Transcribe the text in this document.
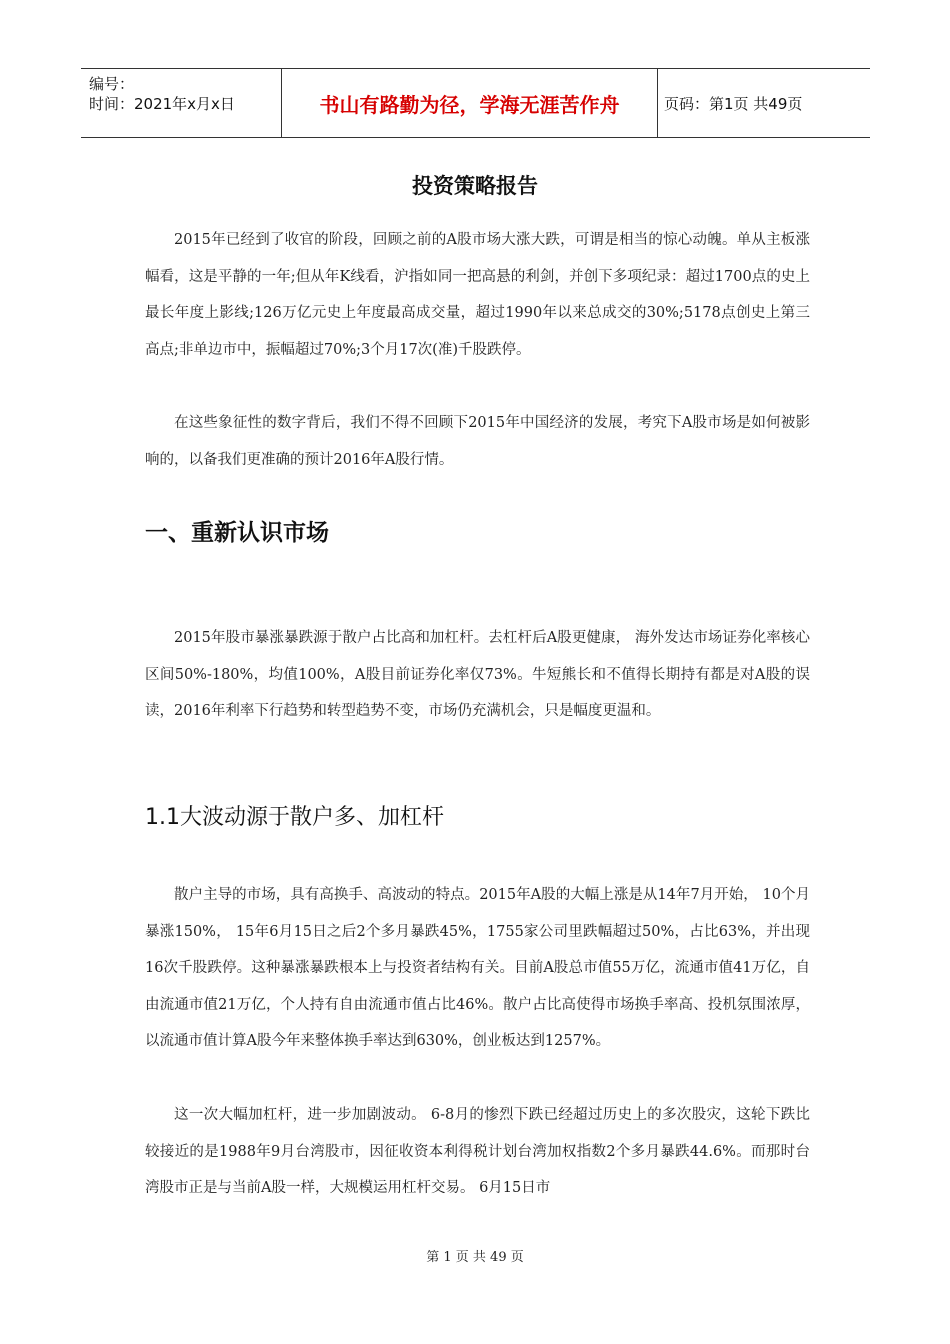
编号：
时间：2021年x月x日	书山有路勤为径，学海无涯苦作舟	页码：第1页 共49页
投资策略报告
2015年已经到了收官的阶段，回顾之前的A股市场大涨大跌，可谓是相当的惊心动魄。单从主板涨幅看，这是平静的一年;但从年K线看，沪指如同一把高悬的利剑，并创下多项纪录：超过1700点的史上最长年度上影线;126万亿元史上年度最高成交量，超过1990年以来总成交的30%;5178点创史上第三高点;非单边市中，振幅超过70%;3个月17次(准)千股跌停。
在这些象征性的数字背后，我们不得不回顾下2015年中国经济的发展，考究下A股市场是如何被影响的，以备我们更准确的预计2016年A股行情。
一、重新认识市场
2015年股市暴涨暴跌源于散户占比高和加杠杆。去杠杆后A股更健康， 海外发达市场证券化率核心区间50%-180%，均值100%，A股目前证券化率仅73%。牛短熊长和不值得长期持有都是对A股的误读，2016年利率下行趋势和转型趋势不变，市场仍充满机会，只是幅度更温和。
1.1大波动源于散户多、加杠杆
散户主导的市场，具有高换手、高波动的特点。2015年A股的大幅上涨是从14年7月开始， 10个月暴涨150%， 15年6月15日之后2个多月暴跌45%，1755家公司里跌幅超过50%，占比63%，并出现16次千股跌停。这种暴涨暴跌根本上与投资者结构有关。目前A股总市值55万亿，流通市值41万亿，自由流通市值21万亿，个人持有自由流通市值占比46%。散户占比高使得市场换手率高、投机氛围浓厚，以流通市值计算A股今年来整体换手率达到630%，创业板达到1257%。
这一次大幅加杠杆，进一步加剧波动。 6-8月的惨烈下跌已经超过历史上的多次股灾，这轮下跌比较接近的是1988年9月台湾股市，因征收资本利得税计划台湾加权指数2个多月暴跌44.6%。而那时台湾股市正是与当前A股一样，大规模运用杠杆交易。 6月15日市
第 1 页 共 49 页
